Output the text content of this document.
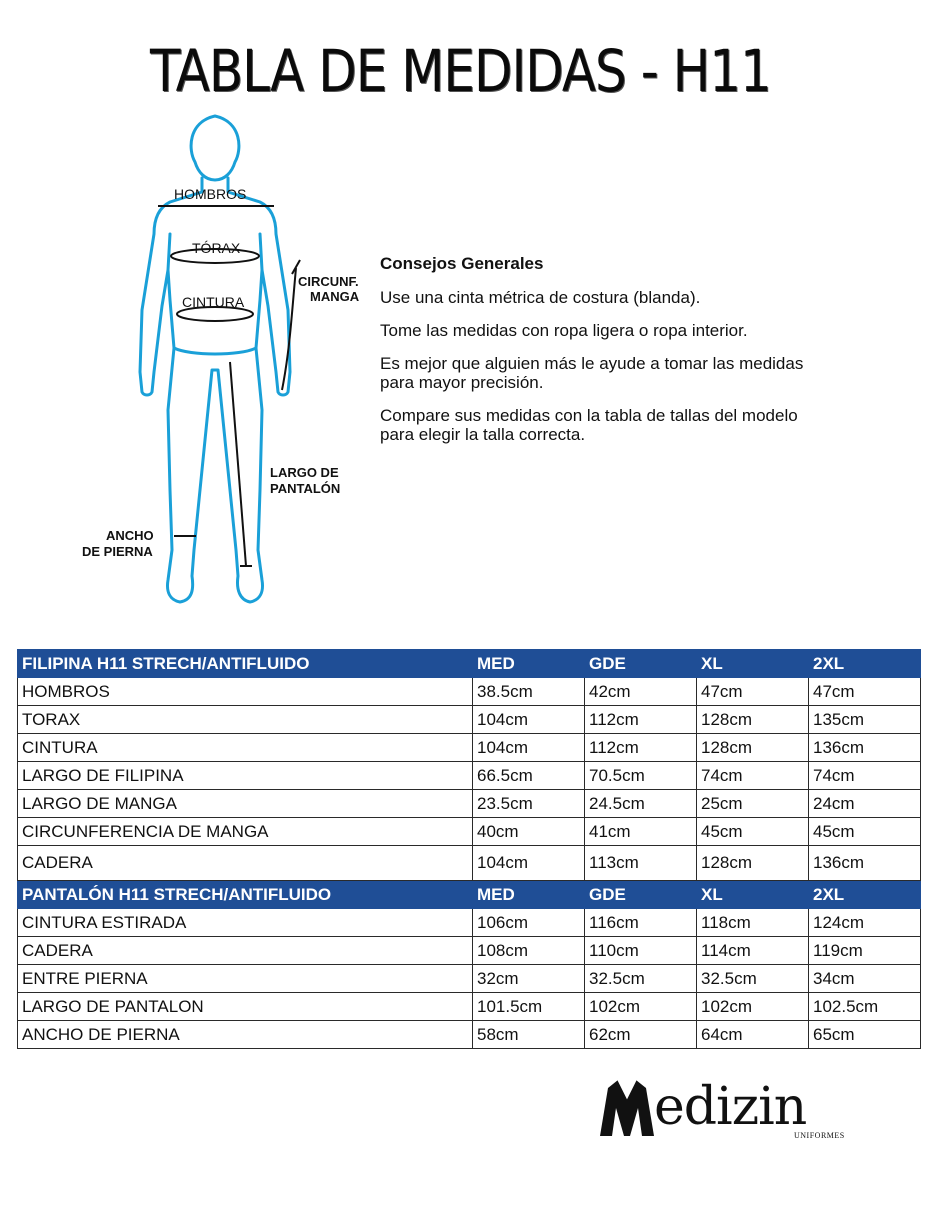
TABLA DE MEDIDAS - H11
HOMBROS
TÓRAX
CINTURA
CIRCUNF.
MANGA
LARGO DE
PANTALÓN
ANCHO
DE PIERNA
Consejos Generales

Use una cinta métrica de costura (blanda).

Tome las medidas con ropa ligera o ropa interior.

Es mejor que alguien más le ayude a tomar las medidas
para mayor precisión.

Compare sus medidas con la tabla de tallas del modelo
para elegir la talla correcta.

FILIPINA H11 STRECH/ANTIFLUIDO	MED	GDE	XL	2XL
HOMBROS	38.5cm	42cm	47cm	47cm
TORAX	104cm	112cm	128cm	135cm
CINTURA	104cm	112cm	128cm	136cm
LARGO DE FILIPINA	66.5cm	70.5cm	74cm	74cm
LARGO DE MANGA	23.5cm	24.5cm	25cm	24cm
CIRCUNFERENCIA DE MANGA	40cm	41cm	45cm	45cm
CADERA	104cm	113cm	128cm	136cm
PANTALÓN H11 STRECH/ANTIFLUIDO	MED	GDE	XL	2XL
CINTURA ESTIRADA	106cm	116cm	118cm	124cm
CADERA	108cm	110cm	114cm	119cm
ENTRE PIERNA	32cm	32.5cm	32.5cm	34cm
LARGO DE PANTALON	101.5cm	102cm	102cm	102.5cm
ANCHO DE PIERNA	58cm	62cm	64cm	65cm
edizin
UNIFORMES
